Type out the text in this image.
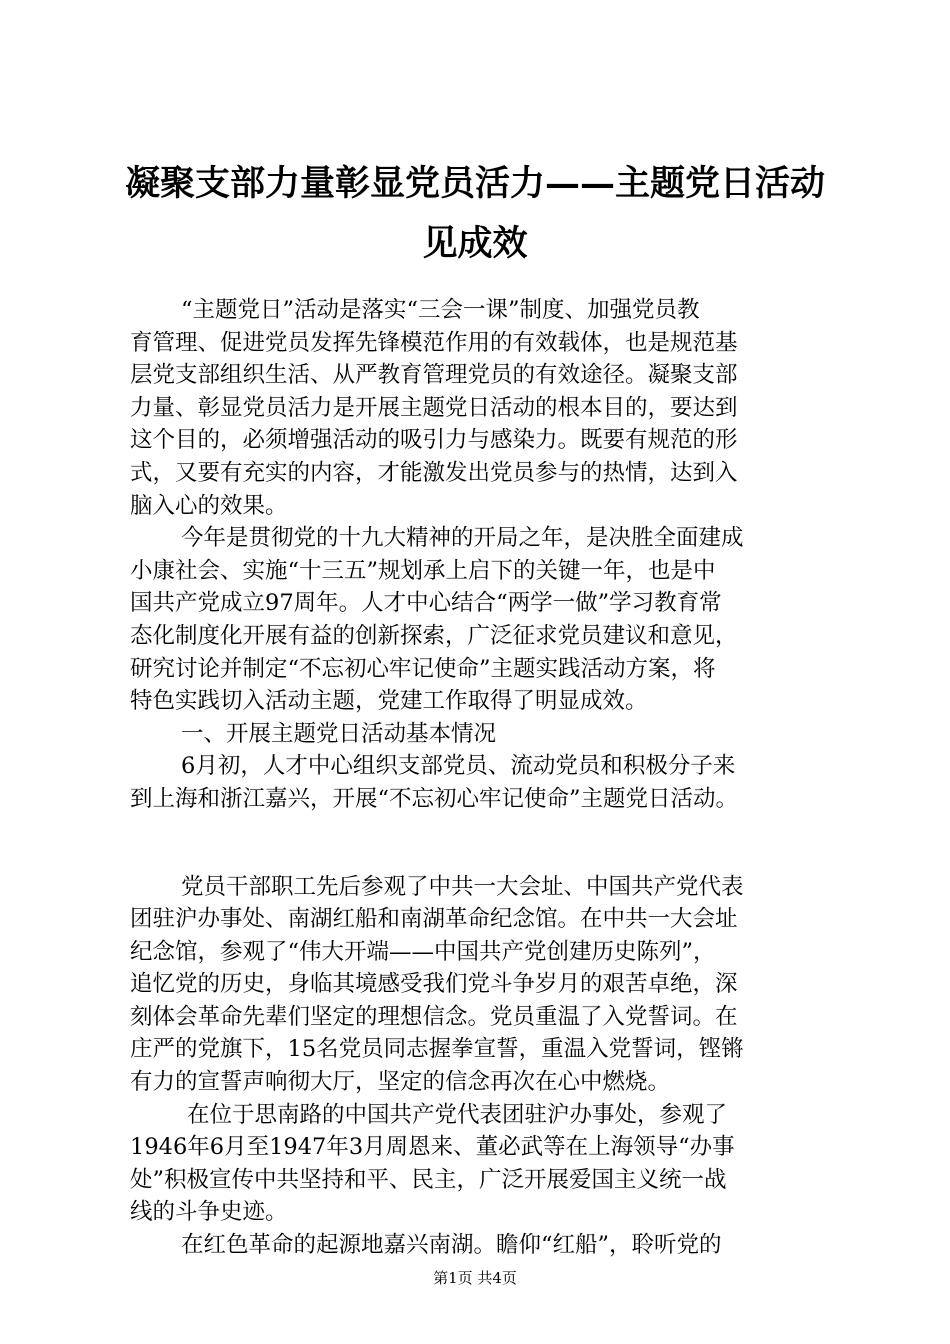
凝聚支部力量彰显党员活力——主题党日活动
见成效
“主题党日”活动是落实“三会一课”制度、加强党员教
育管理、促进党员发挥先锋模范作用的有效载体，也是规范基
层党支部组织生活、从严教育管理党员的有效途径。凝聚支部
力量、彰显党员活力是开展主题党日活动的根本目的，要达到
这个目的，必须增强活动的吸引力与感染力。既要有规范的形
式，又要有充实的内容，才能激发出党员参与的热情，达到入
脑入心的效果。
今年是贯彻党的十九大精神的开局之年，是决胜全面建成
小康社会、实施“十三五”规划承上启下的关键一年，也是中
国共产党成立97周年。人才中心结合“两学一做”学习教育常
态化制度化开展有益的创新探索，广泛征求党员建议和意见，
研究讨论并制定“不忘初心牢记使命”主题实践活动方案，将
特色实践切入活动主题，党建工作取得了明显成效。
一、开展主题党日活动基本情况
6月初，人才中心组织支部党员、流动党员和积极分子来
到上海和浙江嘉兴，开展“不忘初心牢记使命”主题党日活动。
党员干部职工先后参观了中共一大会址、中国共产党代表
团驻沪办事处、南湖红船和南湖革命纪念馆。在中共一大会址
纪念馆，参观了“伟大开端——中国共产党创建历史陈列”，
追忆党的历史，身临其境感受我们党斗争岁月的艰苦卓绝，深
刻体会革命先辈们坚定的理想信念。党员重温了入党誓词。在
庄严的党旗下，15名党员同志握拳宣誓，重温入党誓词，铿锵
有力的宣誓声响彻大厅，坚定的信念再次在心中燃烧。
在位于思南路的中国共产党代表团驻沪办事处，参观了
1946年6月至1947年3月周恩来、董必武等在上海领导“办事
处”积极宣传中共坚持和平、民主，广泛开展爱国主义统一战
线的斗争史迹。
在红色革命的起源地嘉兴南湖。瞻仰“红船”，聆听党的
第1页 共4页
